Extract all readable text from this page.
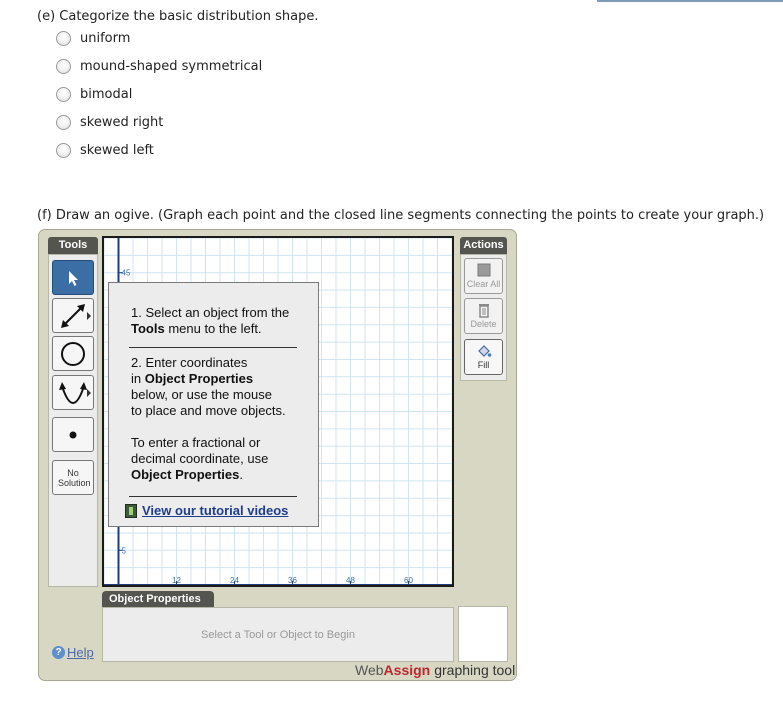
(e) Categorize the basic distribution shape.
uniform
mound-shaped symmetrical
bimodal
skewed right
skewed left
(f) Draw an ogive. (Graph each point and the closed line segments connecting the points to create your graph.)
Tools
No Solution
45
5
12	24	36	48	60
1. Select an object from the
Tools menu to the left.
2. Enter coordinates
in Object Properties
below, or use the mouse
to place and move objects.
To enter a fractional or
decimal coordinate, use
Object Properties.
View our tutorial videos
Actions
Clear All
Delete
Fill
Object Properties
Select a Tool or Object to Begin
? Help
WebAssign graphing tool
